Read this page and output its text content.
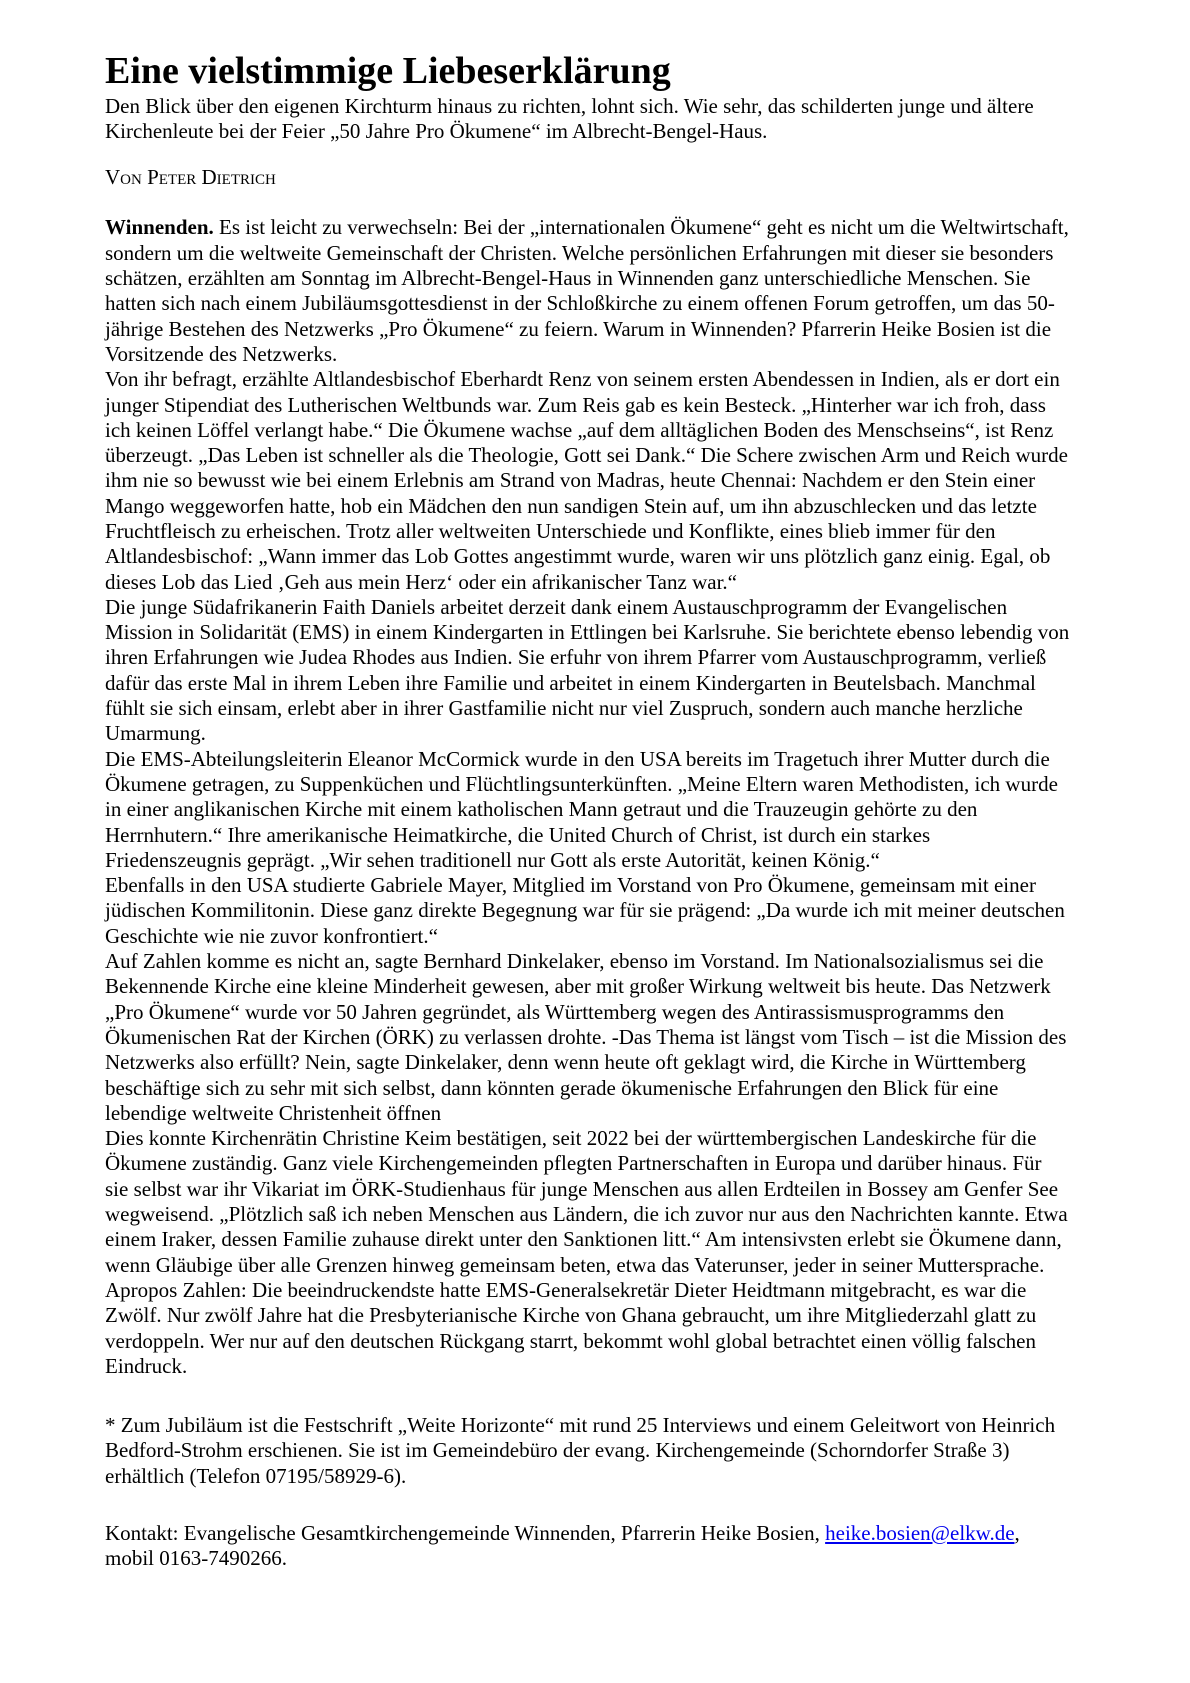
Eine vielstimmige Liebeserklärung

Den Blick über den eigenen Kirchturm hinaus zu richten, lohnt sich. Wie sehr, das schilderten junge und ältere Kirchenleute bei der Feier „50 Jahre Pro Ökumene“ im Albrecht-Bengel-Haus.

Von Peter Dietrich

Winnenden. Es ist leicht zu verwechseln: Bei der „internationalen Ökumene“ geht es nicht um die Weltwirtschaft, sondern um die weltweite Gemeinschaft der Christen. Welche persönlichen Erfahrungen mit dieser sie besonders schätzen, erzählten am Sonntag im Albrecht-Bengel-Haus in Winnenden ganz unterschiedliche Menschen. Sie hatten sich nach einem Jubiläumsgottesdienst in der Schloßkirche zu einem offenen Forum getroffen, um das 50-jährige Bestehen des Netzwerks „Pro Ökumene“ zu feiern. Warum in Winnenden? Pfarrerin Heike Bosien ist die Vorsitzende des Netzwerks.

Von ihr befragt, erzählte Altlandesbischof Eberhardt Renz von seinem ersten Abendessen in Indien, als er dort ein junger Stipendiat des Lutherischen Weltbunds war. Zum Reis gab es kein Besteck. „Hinterher war ich froh, dass ich keinen Löffel verlangt habe.“ Die Ökumene wachse „auf dem alltäglichen Boden des Menschseins“, ist Renz überzeugt. „Das Leben ist schneller als die Theologie, Gott sei Dank.“ Die Schere zwischen Arm und Reich wurde ihm nie so bewusst wie bei einem Erlebnis am Strand von Madras, heute Chennai: Nachdem er den Stein einer Mango weggeworfen hatte, hob ein Mädchen den nun sandigen Stein auf, um ihn abzuschlecken und das letzte Fruchtfleisch zu erheischen. Trotz aller weltweiten Unterschiede und Konflikte, eines blieb immer für den Altlandesbischof: „Wann immer das Lob Gottes angestimmt wurde, waren wir uns plötzlich ganz einig. Egal, ob dieses Lob das Lied ‚Geh aus mein Herz‘ oder ein afrikanischer Tanz war.“

Die junge Südafrikanerin Faith Daniels arbeitet derzeit dank einem Austauschprogramm der Evangelischen Mission in Solidarität (EMS) in einem Kindergarten in Ettlingen bei Karlsruhe. Sie berichtete ebenso lebendig von ihren Erfahrungen wie Judea Rhodes aus Indien. Sie erfuhr von ihrem Pfarrer vom Austauschprogramm, verließ dafür das erste Mal in ihrem Leben ihre Familie und arbeitet in einem Kindergarten in Beutelsbach. Manchmal fühlt sie sich einsam, erlebt aber in ihrer Gastfamilie nicht nur viel Zuspruch, sondern auch manche herzliche Umarmung.

Die EMS-Abteilungsleiterin Eleanor McCormick wurde in den USA bereits im Tragetuch ihrer Mutter durch die Ökumene getragen, zu Suppenküchen und Flüchtlingsunterkünften. „Meine Eltern waren Methodisten, ich wurde in einer anglikanischen Kirche mit einem katholischen Mann getraut und die Trauzeugin gehörte zu den Herrnhutern.“ Ihre amerikanische Heimatkirche, die United Church of Christ, ist durch ein starkes Friedenszeugnis geprägt. „Wir sehen traditionell nur Gott als erste Autorität, keinen König.“

Ebenfalls in den USA studierte Gabriele Mayer, Mitglied im Vorstand von Pro Ökumene, gemeinsam mit einer jüdischen Kommilitonin. Diese ganz direkte Begegnung war für sie prägend: „Da wurde ich mit meiner deutschen Geschichte wie nie zuvor konfrontiert.“

Auf Zahlen komme es nicht an, sagte Bernhard Dinkelaker, ebenso im Vorstand. Im Nationalsozialismus sei die Bekennende Kirche eine kleine Minderheit gewesen, aber mit großer Wirkung weltweit bis heute. Das Netzwerk „Pro Ökumene“ wurde vor 50 Jahren gegründet, als Württemberg wegen des Antirassismusprogramms den Ökumenischen Rat der Kirchen (ÖRK) zu verlassen drohte. -Das Thema ist längst vom Tisch – ist die Mission des Netzwerks also erfüllt? Nein, sagte Dinkelaker, denn wenn heute oft geklagt wird, die Kirche in Württemberg beschäftige sich zu sehr mit sich selbst, dann könnten gerade ökumenische Erfahrungen den Blick für eine lebendige weltweite Christenheit öffnen

Dies konnte Kirchenrätin Christine Keim bestätigen, seit 2022 bei der württembergischen Landeskirche für die Ökumene zuständig. Ganz viele Kirchengemeinden pflegten Partnerschaften in Europa und darüber hinaus. Für sie selbst war ihr Vikariat im ÖRK-Studienhaus für junge Menschen aus allen Erdteilen in Bossey am Genfer See wegweisend. „Plötzlich saß ich neben Menschen aus Ländern, die ich zuvor nur aus den Nachrichten kannte. Etwa einem Iraker, dessen Familie zuhause direkt unter den Sanktionen litt.“ Am intensivsten erlebt sie Ökumene dann, wenn Gläubige über alle Grenzen hinweg gemeinsam beten, etwa das Vaterunser, jeder in seiner Muttersprache.

Apropos Zahlen: Die beeindruckendste hatte EMS-Generalsekretär Dieter Heidtmann mitgebracht, es war die Zwölf. Nur zwölf Jahre hat die Presbyterianische Kirche von Ghana gebraucht, um ihre Mitgliederzahl glatt zu verdoppeln. Wer nur auf den deutschen Rückgang starrt, bekommt wohl global betrachtet einen völlig falschen Eindruck.

* Zum Jubiläum ist die Festschrift „Weite Horizonte“ mit rund 25 Interviews und einem Geleitwort von Heinrich Bedford-Strohm erschienen. Sie ist im Gemeindebüro der evang. Kirchengemeinde (Schorndorfer Straße 3) erhältlich (Telefon 07195/58929-6).

Kontakt: Evangelische Gesamtkirchengemeinde Winnenden, Pfarrerin Heike Bosien, heike.bosien@elkw.de, mobil 0163-7490266.
